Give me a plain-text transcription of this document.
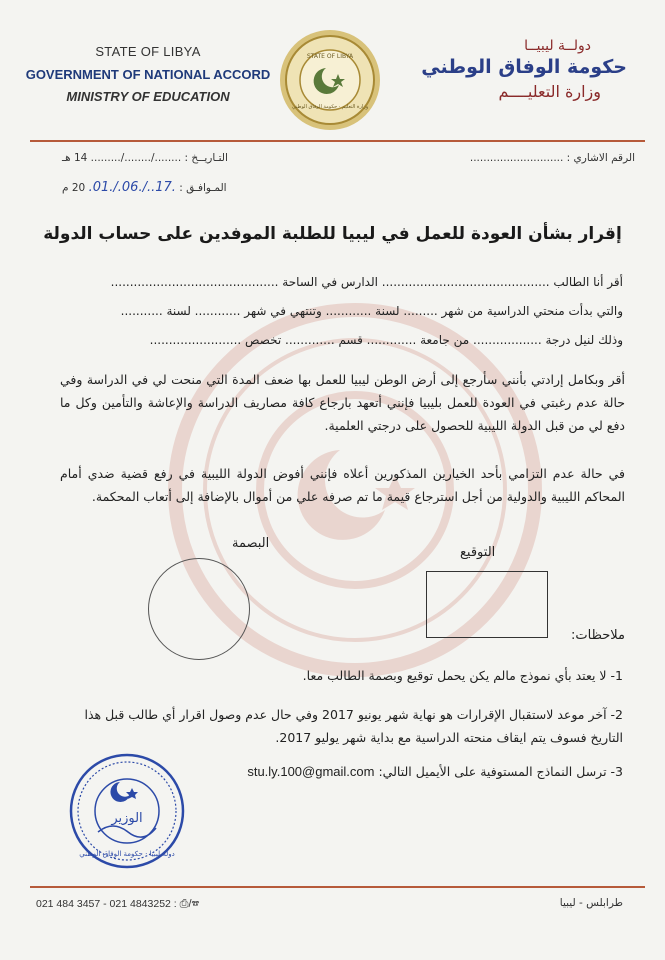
STATE OF LIBYA
GOVERNMENT OF NATIONAL ACCORD
MINISTRY OF EDUCATION
STATE OF LIBYA
وزارة التعليم · حكومة الوفاق الوطني
دولــة ليبيــا
حكومة الوفاق الوطني
وزارة التعليــــم
الرقم الاشاري : ............................
التـاريــخ : ......../......../......... 14 هـ
المـوافـق : .17../.06./.01. 20 م
إقرار بشأن العودة للعمل في ليبيا للطلبة الموفدين على حساب الدولة
أقر أنا الطالب ............................................ الدارس في الساحة ............................................
والتي بدأت منحتي الدراسية من شهر ......... لسنة ............ وتنتهي في شهر ............ لسنة ...........
وذلك لنيل درجة .................. من جامعة ............. قسم ............. تخصص ........................
أقر وبكامل إرادتي بأنني سأرجع إلى أرض الوطن ليبيا للعمل بها ضعف المدة التي منحت لي في الدراسة وفي حالة عدم رغبتي في العودة للعمل بليبيا فإنني أتعهد بارجاع كافة مصاريف الدراسة والإعاشة والتأمين وكل ما دفع لي من قبل الدولة الليبية للحصول على درجتي العلمية.
في حالة عدم التزامي بأحد الخيارين المذكورين أعلاه فإنني أفوض الدولة الليبية في رفع قضية ضدي أمام المحاكم الليبية والدولية من أجل استرجاع قيمة ما تم صرفه علي من أموال بالإضافة إلى أتعاب المحكمة.
البصمة
التوقيع
ملاحظات:
1- لا يعتد بأي نموذج مالم يكن يحمل توقيع وبصمة الطالب معا.
2- آخر موعد لاستقبال الإقرارات هو نهاية شهر يونيو 2017 وفي حال عدم وصول اقرار أي طالب قبل هذا التاريخ فسوف يتم ايقاف منحته الدراسية مع بداية شهر يوليو 2017.
3- ترسل النماذج المستوفية على الأيميل التالي: stu.ly.100@gmail.com
الوزير
دولة ليبيا · حكومة الوفاق الوطني
021 484 3457 - 021 4843252 : ⎙/☎	طرابلس - ليبيا
